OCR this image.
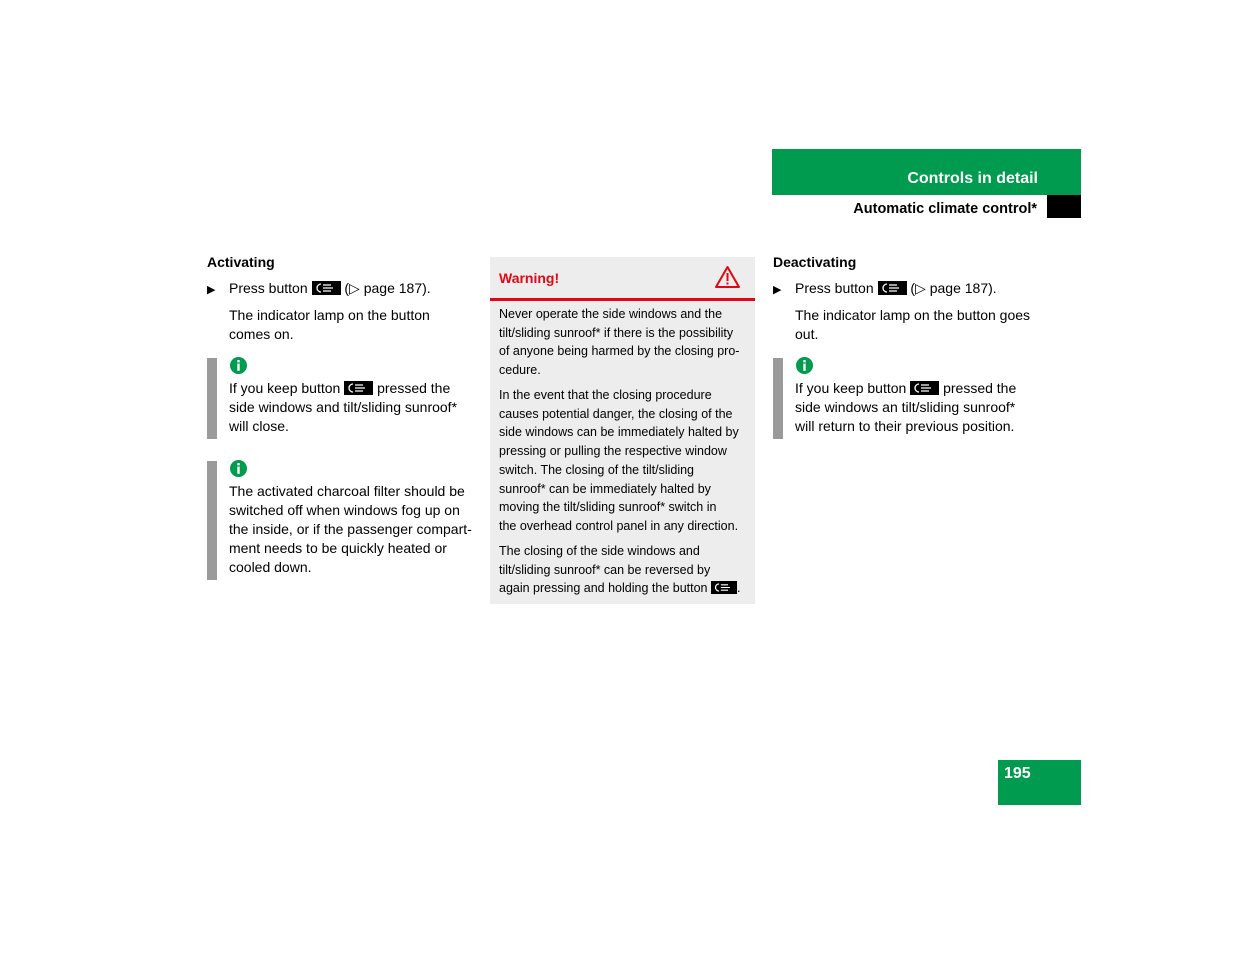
Controls in detail
Automatic climate control*
Activating
▶ Press button	(▷ page 187).
The indicator lamp on the button
comes on.
If you keep button	pressed the
side windows and tilt/sliding sunroof*
will close.
The activated charcoal filter should be
switched off when windows fog up on
the inside, or if the passenger compart-
ment needs to be quickly heated or
cooled down.
Warning!
Never operate the side windows and the
tilt/sliding sunroof* if there is the possibility
of anyone being harmed by the closing pro-
cedure.
In the event that the closing procedure
causes potential danger, the closing of the
side windows can be immediately halted by
pressing or pulling the respective window
switch. The closing of the tilt/sliding
sunroof* can be immediately halted by
moving the tilt/sliding sunroof* switch in
the overhead control panel in any direction.
The closing of the side windows and
tilt/sliding sunroof* can be reversed by
again pressing and holding the button .
Deactivating
▶ Press button	(▷ page 187).
The indicator lamp on the button goes
out.
If you keep button	pressed the
side windows an tilt/sliding sunroof*
will return to their previous position.
195
